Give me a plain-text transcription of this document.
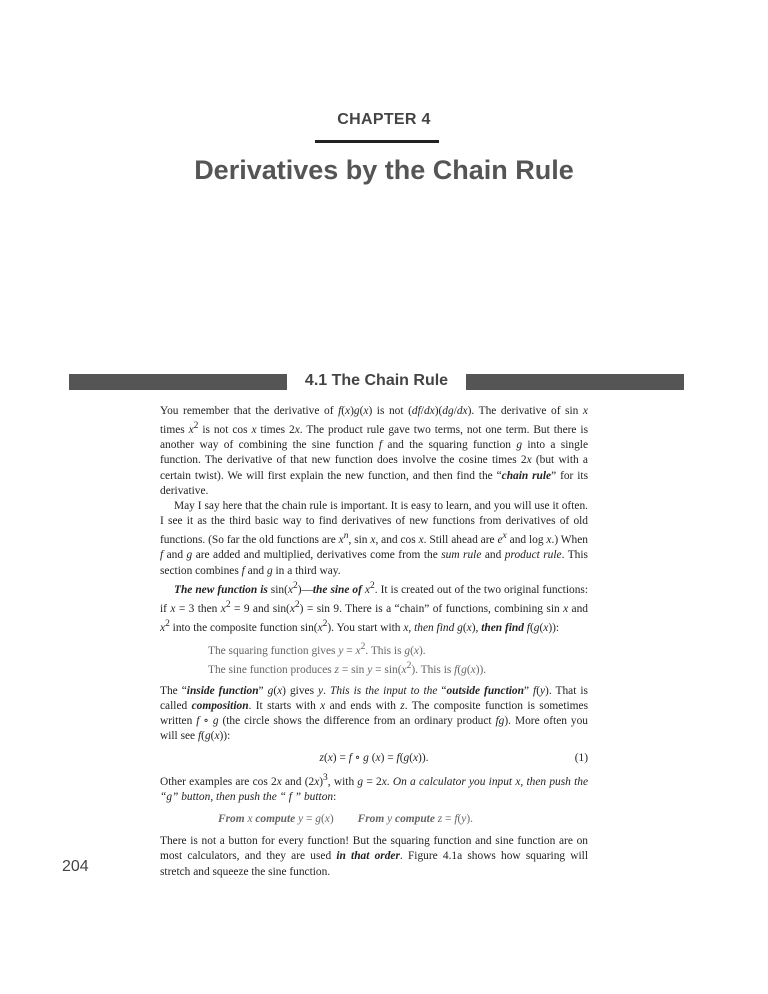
CHAPTER 4
Derivatives by the Chain Rule
4.1 The Chain Rule

You remember that the derivative of f(x)g(x) is not (df/dx)(dg/dx). The derivative of sin x times $x^2$ is not cos x times 2x. The product rule gave two terms, not one term. But there is another way of combining the sine function f and the squaring function g into a single function. The derivative of that new function does involve the cosine times 2x (but with a certain twist). We will first explain the new function, and then find the “chain rule” for its derivative.

May I say here that the chain rule is important. It is easy to learn, and you will use it often. I see it as the third basic way to find derivatives of new functions from derivatives of old functions. (So far the old functions are $x^n$, sin x, and cos x. Still ahead are $e^x$ and log x.) When f and g are added and multiplied, derivatives come from the sum rule and product rule. This section combines f and g in a third way.

The new function is $\sin(x^2)—the$ sine of $x^2$. It is created out of the two original functions: if x = 3 then $x^2 = 9$ and $\sin(x^2) = \sin 9$. There is a “chain” of functions, combining sin x and $x^2$ into the composite function $\sin(x^2)$. You start with x, then find g(x), then find f(g(x)):

The squaring function gives $y = x^2$. This is g(x).
The sine function produces $z = \sin y = \sin(x^2)$. This is f(g(x)).

The “inside function” g(x) gives y. This is the input to the “outside function” f(y). That is called composition. It starts with x and ends with z. The composite function is sometimes written f ∘ g (the circle shows the difference from an ordinary product fg). More often you will see f(g(x)):

z(x) = f ∘ g (x) = f(g(x)).	(1)

Other examples are cos 2x and $(2x)^3$, with g = 2x. On a calculator you input x, then push the “g” button, then push the “ f ” button:

From x compute y = g(x) From y compute z = f(y).

There is not a button for every function! But the squaring function and sine function are on most calculators, and they are used in that order. Figure 4.1a shows how squaring will stretch and squeeze the sine function.

204
